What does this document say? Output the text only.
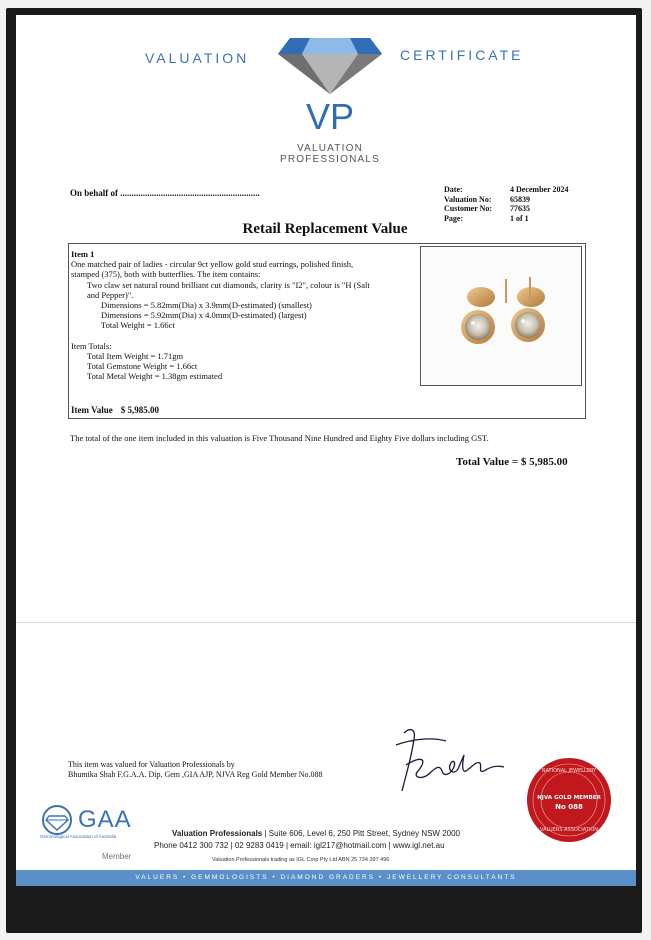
VALUATION	CERTIFICATE
VP
VALUATION
PROFESSIONALS
On behalf of ..............................................................	Date:	4 December 2024
Valuation No:	65839
Customer No:	77635
Page:	1 of 1
Retail Replacement Value
Item 1
One matched pair of ladies - circular 9ct yellow gold stud earrings, polished finish,
stamped (375), both with butterflies. The item contains:
Two claw set natural round brilliant cut diamonds, clarity is "I2", colour is "H (Salt
and Pepper)".
Dimensions = 5.82mm(Dia) x 3.9mm(D-estimated) (smallest)
Dimensions = 5.92mm(Dia) x 4.0mm(D-estimated) (largest)
Total Weight = 1.66ct
Item Totals:
Total Item Weight = 1.71gm
Total Gemstone Weight = 1.66ct
Total Metal Weight = 1.38gm estimated
Item Value $ 5,985.00
The total of the one item included in this valuation is Five Thousand Nine Hundred and Eighty Five dollars including GST.
Total Value = $ 5,985.00
This item was valued for Valuation Professionals by
Bhumika Shah F.G.A.A. Dip. Gem ,GIA AJP, NJVA Reg Gold Member No.088	NATIONAL JEWELLERY
NJVA GOLD MEMBER
No 088
VALUERS ASSOCIATION
GAA
Gemmological Association of Australia
Member
Valuation Professionals | Suite 606, Level 6, 250 Pitt Street, Sydney NSW 2000
Phone 0412 300 732 | 02 9283 0419 | email: igl217@hotmail.com | www.igl.net.au
Valuation Professionals trading as IGL Corp Pty Ltd ABN 25 734 397 496
VALUERS • GEMMOLOGISTS • DIAMOND GRADERS • JEWELLERY CONSULTANTS
